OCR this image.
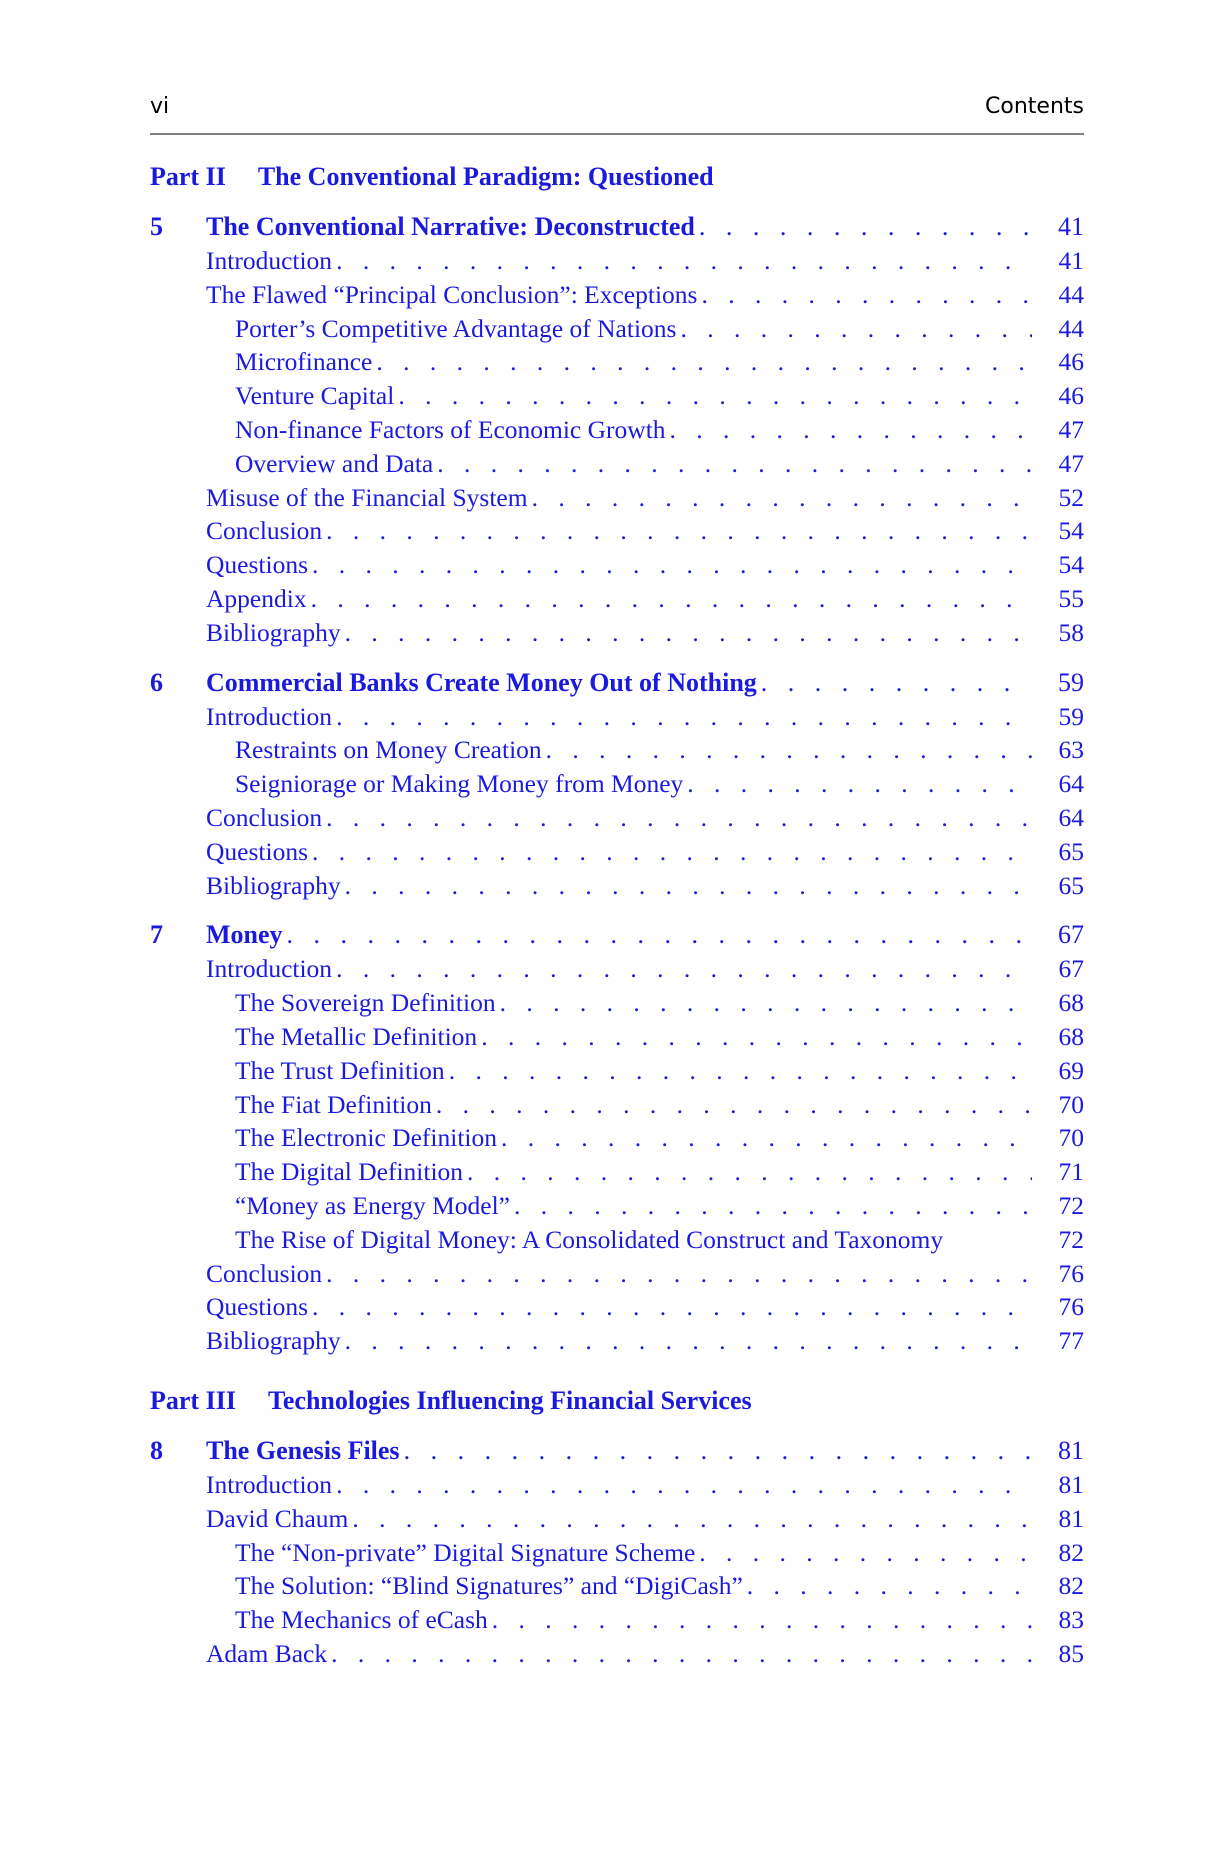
vi	Contents
Part II The Conventional Paradigm: Questioned
5	The Conventional Narrative: Deconstructed . . .	41
Introduction . . .	41
The Flawed “Principal Conclusion”: Exceptions . . .	44
Porter’s Competitive Advantage of Nations . . .	44
Microfinance . . .	46
Venture Capital . . .	46
Non-finance Factors of Economic Growth . . .	47
Overview and Data . . .	47
Misuse of the Financial System . . .	52
Conclusion . . .	54
Questions . . .	54
Appendix . . .	55
Bibliography . . .	58
6	Commercial Banks Create Money Out of Nothing . . .	59
Introduction . . .	59
Restraints on Money Creation . . .	63
Seigniorage or Making Money from Money . . .	64
Conclusion . . .	64
Questions . . .	65
Bibliography . . .	65
7	Money . . .	67
Introduction . . .	67
The Sovereign Definition . . .	68
The Metallic Definition . . .	68
The Trust Definition . . .	69
The Fiat Definition . . .	70
The Electronic Definition . . .	70
The Digital Definition . . .	71
“Money as Energy Model” . . .	72
The Rise of Digital Money: A Consolidated Construct and Taxonomy	72
Conclusion . . .	76
Questions . . .	76
Bibliography . . .	77
Part III Technologies Influencing Financial Services
8	The Genesis Files . . .	81
Introduction . . .	81
David Chaum . . .	81
The “Non-private” Digital Signature Scheme . . .	82
The Solution: “Blind Signatures” and “DigiCash” . . .	82
The Mechanics of eCash . . .	83
Adam Back . . .	85
